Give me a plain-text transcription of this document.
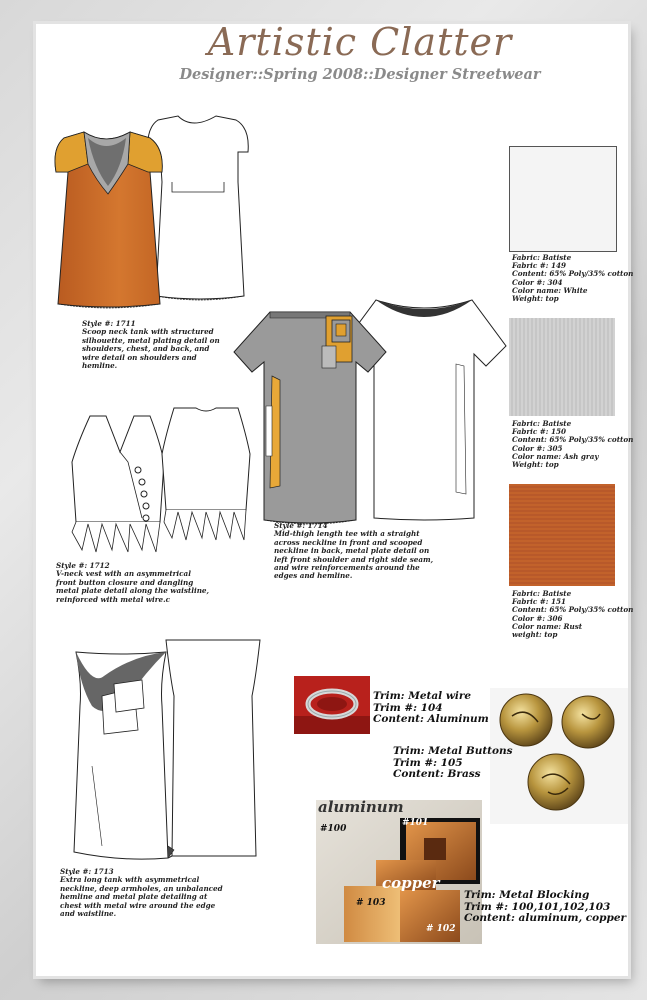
Artistic Clatter
Designer::Spring 2008::Designer Streetwear
Style #: 1711
Scoop neck tank with structured
silhouette, metal plating detail on
shoulders, chest, and back, and
wire detail on shoulders and
hemline.
Style #: 1714
Mid-thigh length tee with a straight
across neckline in front and scooped
neckline in back, metal plate detail on
left front shoulder and right side seam,
and wire reinforcements around the
edges and hemline.
Style #: 1712
V-neck vest with an asymmetrical
front button closure and dangling
metal plate detail along the waistline,
reinforced with metal wire.c
Style #: 1713
Extra long tank with asymmetrical
neckline, deep armholes, an unbalanced
hemline and metal plate detailing at
chest with metal wire around the edge
and waistline.
Fabric: Batiste
Fabric #: 149
Content: 65% Poly/35% cotton
Color #: 304
Color name: White
Weight: top
Fabric: Batiste
Fabric #: 150
Content: 65% Poly/35% cotton
Color #: 305
Color name: Ash gray
Weight: top
Fabric: Batiste
Fabric #: 151
Content: 65% Poly/35% cotton
Color #: 306
Color name: Rust
weight: top
Trim: Metal wire
Trim #: 104
Content: Aluminum
Trim: Metal Buttons
Trim #: 105
Content: Brass
aluminum
copper
#100
#101
# 102
# 103
Trim: Metal Blocking
Trim #: 100,101,102,103
Content: aluminum, copper
